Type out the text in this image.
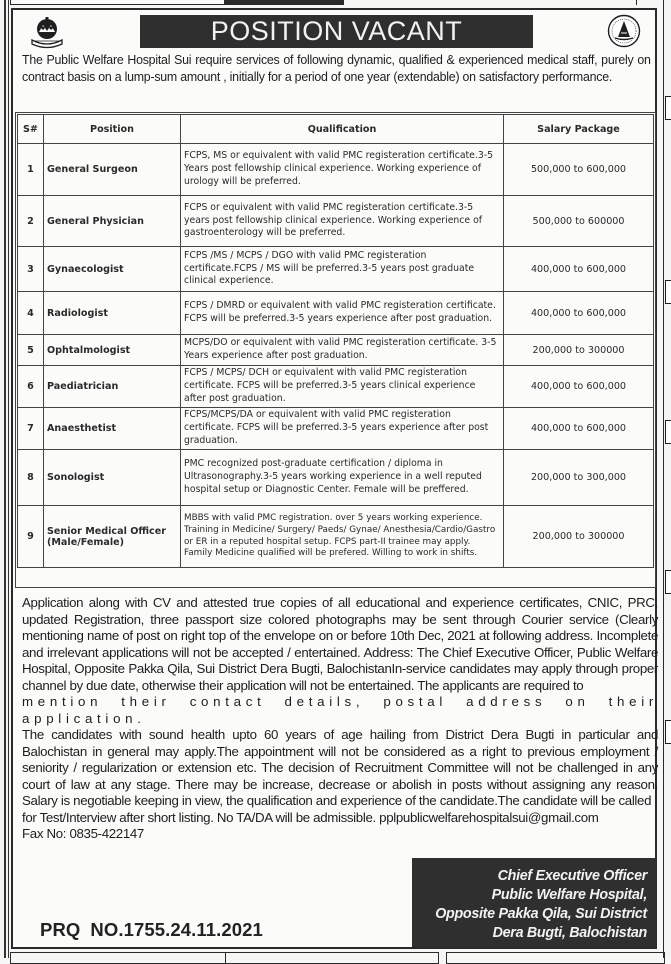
POSITION VACANT
The Public Welfare Hospital Sui require services of following dynamic, qualified & experienced medical staff, purely on contract basis on a lump-sum amount , initially for a period of one year (extendable) on satisfactory performance.
S#	Position	Qualification	Salary Package
1	General Surgeon	FCPS, MS or equivalent with valid PMC registeration certificate.3-5 Years post fellowship clinical experience. Working experience of urology will be preferred.	500,000 to 600,000
2	General Physician	FCPS or equivalent with valid PMC registeration certificate.3-5 years post fellowship clinical experience. Working experience of gastroenterology will be preferred.	500,000 to 600000
3	Gynaecologist	FCPS /MS / MCPS / DGO with valid PMC registeration certificate.FCPS / MS will be preferred.3-5 years post graduate clinical experience.	400,000 to 600,000
4	Radiologist	FCPS / DMRD or equivalent with valid PMC registeration certificate. FCPS will be preferred.3-5 years experience after post graduation.	400,000 to 600,000
5	Ophtalmologist	MCPS/DO or equivalent with valid PMC registeration certificate. 3-5 Years experience after post graduation.	200,000 to 300000
6	Paediatrician	FCPS / MCPS/ DCH or equivalent with valid PMC registeration certificate. FCPS will be preferred.3-5 years clinical experience after post graduation.	400,000 to 600,000
7	Anaesthetist	FCPS/MCPS/DA or equivalent with valid PMC registeration certificate. FCPS will be preferred.3-5 years experience after post graduation.	400,000 to 600,000
8	Sonologist	PMC recognized post-graduate certification / diploma in Ultrasonography.3-5 years working experience in a well reputed hospital setup or Diagnostic Center. Female will be preffered.	200,000 to 300,000
9	Senior Medical Officer (Male/Female)	MBBS with valid PMC registration. over 5 years working experience. Training in Medicine/ Surgery/ Paeds/ Gynae/ Anesthesia/Cardio/Gastro or ER in a reputed hospital setup. FCPS part-II trainee may apply. Family Medicine qualified will be prefered. Willing to work in shifts.	200,000 to 300000

Application along with CV and attested true copies of all educational and experience certificates, CNIC, PRC, updated Registration, three passport size colored photographs may be sent through Courier service (Clearly mentioning name of post on right top of the envelope on or before 10th Dec, 2021 at following address. Incomplete and irrelevant applications will not be accepted / entertained. Address: The Chief Executive Officer, Public Welfare Hospital, Opposite Pakka Qila, Sui District Dera Bugti, BalochistanIn-service candidates may apply through proper channel by due date, otherwise their application will not be entertained. The applicants are required to

mention their contact details, postal address on their application.

The candidates with sound health upto 60 years of age hailing from District Dera Bugti in particular and Balochistan in general may apply.The appointment will not be considered as a right to previous employment / seniority / regularization or extension etc. The decision of Recruitment Committee will not be challenged in any court of law at any stage. There may be increase, decrease or abolish in posts without assigning any reason. Salary is negotiable keeping in view, the qualification and experience of the candidate.The candidate will be called

for Test/Interview after short listing. No TA/DA will be admissible. pplpublicwelfarehospitalsui@gmail.com

Fax No: 0835-422147

PRQ NO.1755.24.11.2021
Chief Executive Officer
Public Welfare Hospital,
Opposite Pakka Qila, Sui District
Dera Bugti, Balochistan
